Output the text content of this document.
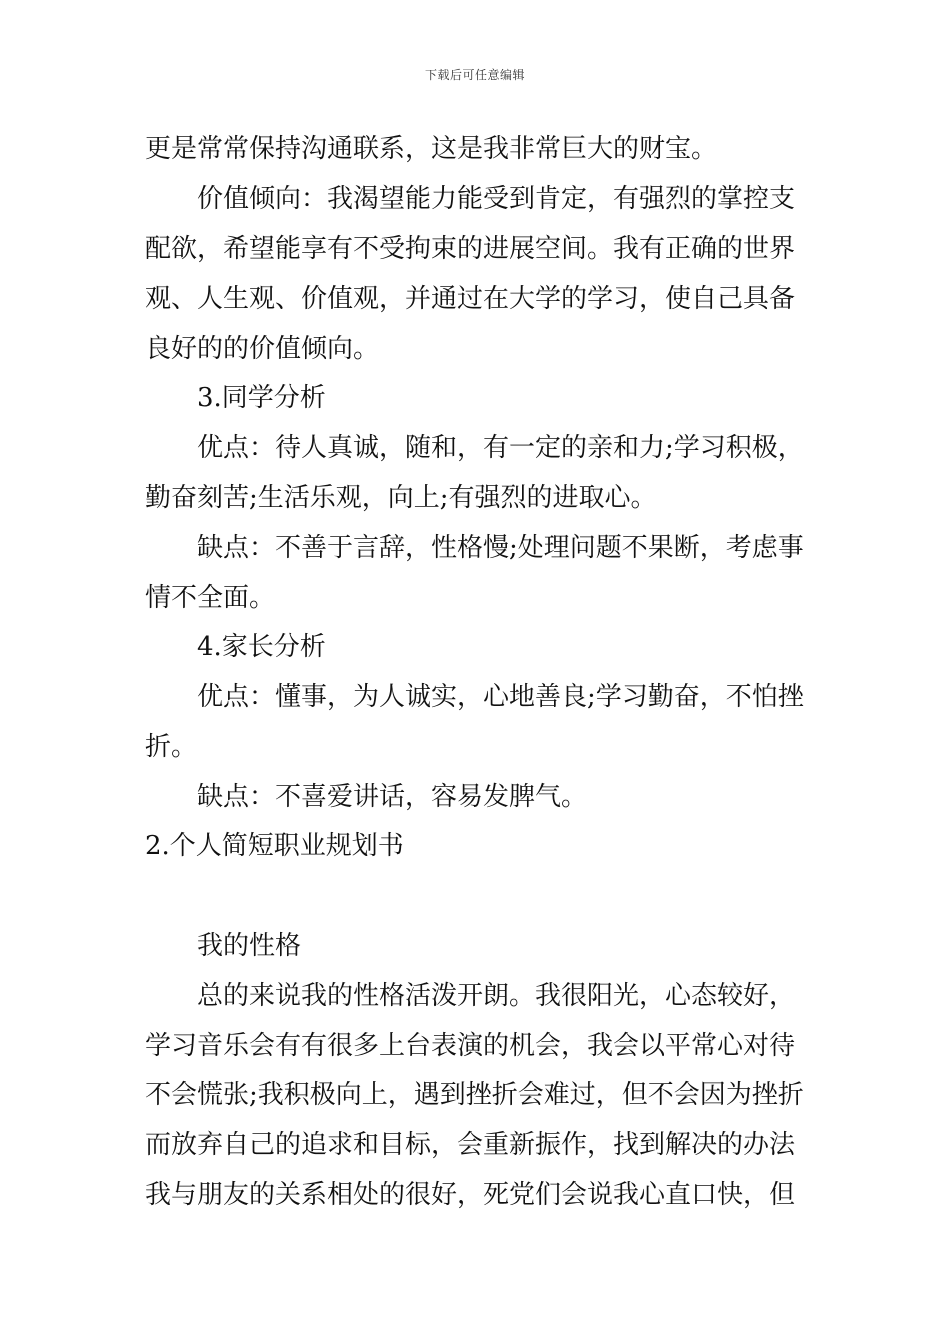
下载后可任意编辑
更是常常保持沟通联系，这是我非常巨大的财宝。
价值倾向：我渴望能力能受到肯定，有强烈的掌控支
配欲，希望能享有不受拘束的进展空间。我有正确的世界
观、人生观、价值观，并通过在大学的学习，使自己具备
良好的的价值倾向。
3.同学分析
优点：待人真诚，随和，有一定的亲和力;学习积极，
勤奋刻苦;生活乐观，向上;有强烈的进取心。
缺点：不善于言辞，性格慢;处理问题不果断，考虑事
情不全面。
4.家长分析
优点：懂事，为人诚实，心地善良;学习勤奋，不怕挫
折。
缺点：不喜爱讲话，容易发脾气。
2.个人简短职业规划书
我的性格
总的来说我的性格活泼开朗。我很阳光，心态较好，
学习音乐会有有很多上台表演的机会，我会以平常心对待
不会慌张;我积极向上，遇到挫折会难过，但不会因为挫折
而放弃自己的追求和目标，会重新振作，找到解决的办法
我与朋友的关系相处的很好，死党们会说我心直口快，但
